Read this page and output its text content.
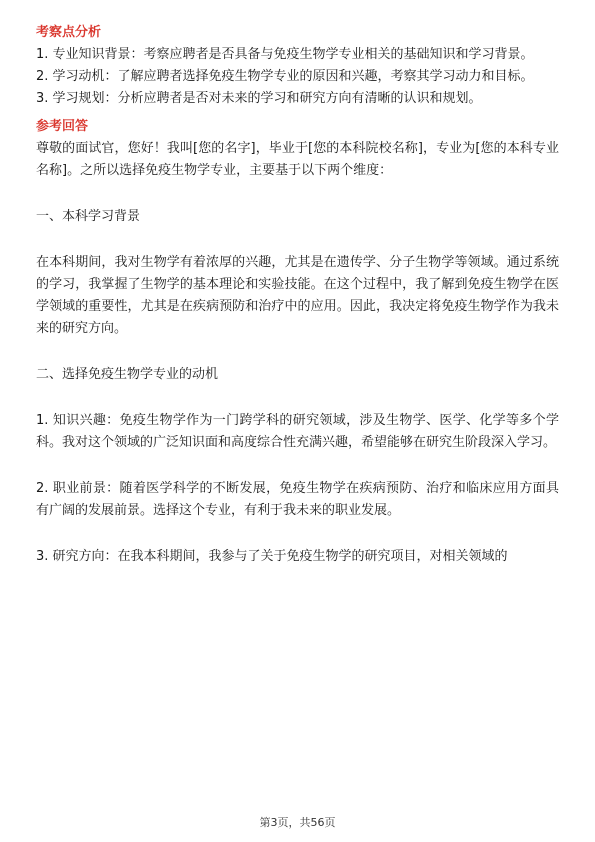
考察点分析

1. 专业知识背景：考察应聘者是否具备与免疫生物学专业相关的基础知识和学习背景。

2. 学习动机：了解应聘者选择免疫生物学专业的原因和兴趣，考察其学习动力和目标。

3. 学习规划：分析应聘者是否对未来的学习和研究方向有清晰的认识和规划。

参考回答

尊敬的面试官，您好！我叫[您的名字]，毕业于[您的本科院校名称]，专业为[您的本科专业名称]。之所以选择免疫生物学专业，主要基于以下两个维度：

一、本科学习背景

在本科期间，我对生物学有着浓厚的兴趣，尤其是在遗传学、分子生物学等领域。通过系统的学习，我掌握了生物学的基本理论和实验技能。在这个过程中，我了解到免疫生物学在医学领域的重要性，尤其是在疾病预防和治疗中的应用。因此，我决定将免疫生物学作为我未来的研究方向。

二、选择免疫生物学专业的动机

1. 知识兴趣：免疫生物学作为一门跨学科的研究领域，涉及生物学、医学、化学等多个学科。我对这个领域的广泛知识面和高度综合性充满兴趣，希望能够在研究生阶段深入学习。

2. 职业前景：随着医学科学的不断发展，免疫生物学在疾病预防、治疗和临床应用方面具有广阔的发展前景。选择这个专业，有利于我未来的职业发展。

3. 研究方向：在我本科期间，我参与了关于免疫生物学的研究项目，对相关领域的

第3页，共56页
